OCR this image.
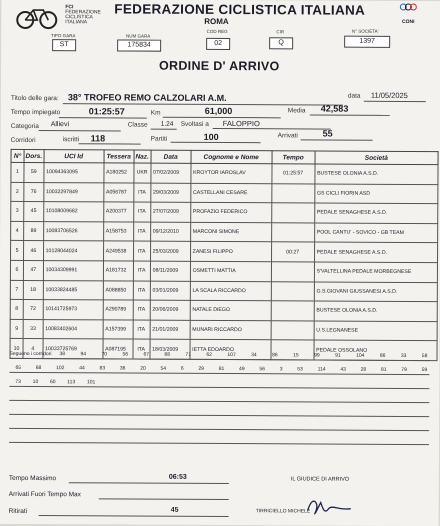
FCI
FEDERAZIONE
CICLISTICA
ITALIANA
FEDERAZIONE CICLISTICA ITALIANA
ROMA	CONI
TIPO GARA
ST
NUM GARA
175834
COD REG
02
CIR
Q
N° SOCIETA'
1397
ORDINE D' ARRIVO
Titolo delle gara: 38° TROFEO REMO CALZOLARI A.M.	data 11/05/2025
Tempo impiegato	01:25:57	Km	61,000	Media 42,583
Categoria Allievi	Classe 1.24 Svoltasi a FALOPPIO
Corridori	iscritti 118	Partiti	100	Arrivati	55
N°	Dors.	UCI Id	Tessera	Naz.	Data	Cognome e Nome	Tempo	Società
1	59	10094363095	A180252	UKR	07/02/2009	KROYTOR IAROSLAV	01:25:57	BUSTESE OLONIA A.S.D.
2	76	10032297849	A056787	ITA	29/03/2009	CASTELLANI CESARE		GS CICLI FIORIN ASD
3	45	10108009682	A200377	ITA	27/07/2009	PROFAZIO FEDERICO		PEDALE SENAGHESE A.S.D.
4	89	10083706526	A158753	ITA	09/12/2010	MARCONI SIMONE		POOL CANTU' - SOVICO - GB TEAM
5	46	10128044024	A249538	ITA	25/03/2009	ZANESI FILIPPO	00:27	PEDALE SENAGHESE A.S.D.
6	47	10034309991	A181732	ITA	08/11/2009	OSMETTI MATTIA		S'VALTELLINA PEDALE MORBEGNESE
7	18	10033824485	A088850	ITA	03/01/2009	LA SCALA RICCARDO		G.S.GIOVANI GIUSSANESI A.S.D.
8	72	10141725973	A290789	ITA	20/06/2009	NATALE DIEGO		BUSTESE OLONIA A.S.D.
9	33	10083402604	A157399	ITA	21/01/2009	MUNARI RICCARDO		U.S.LEGNANESE
10	4	10033725769	A087195	ITA	18/03/2009	IETTA EDOARDO		PEDALE OSSOLANO
Seguono i corridori 38	94	70	56	67	88	71	62	107	34	86	15	99	91	104	86	33	58
65	68	102	44	83	36	20	54	6	29	81	49	56	3	53	114	43	28	81	79	59
73 10 60 113 101
Tempo Massimo	06:53	IL GIUDICE DI ARRIVO
Arrivati Fuori Tempo Max
Ritirati	45	TIRRICIELLO MICHELE
